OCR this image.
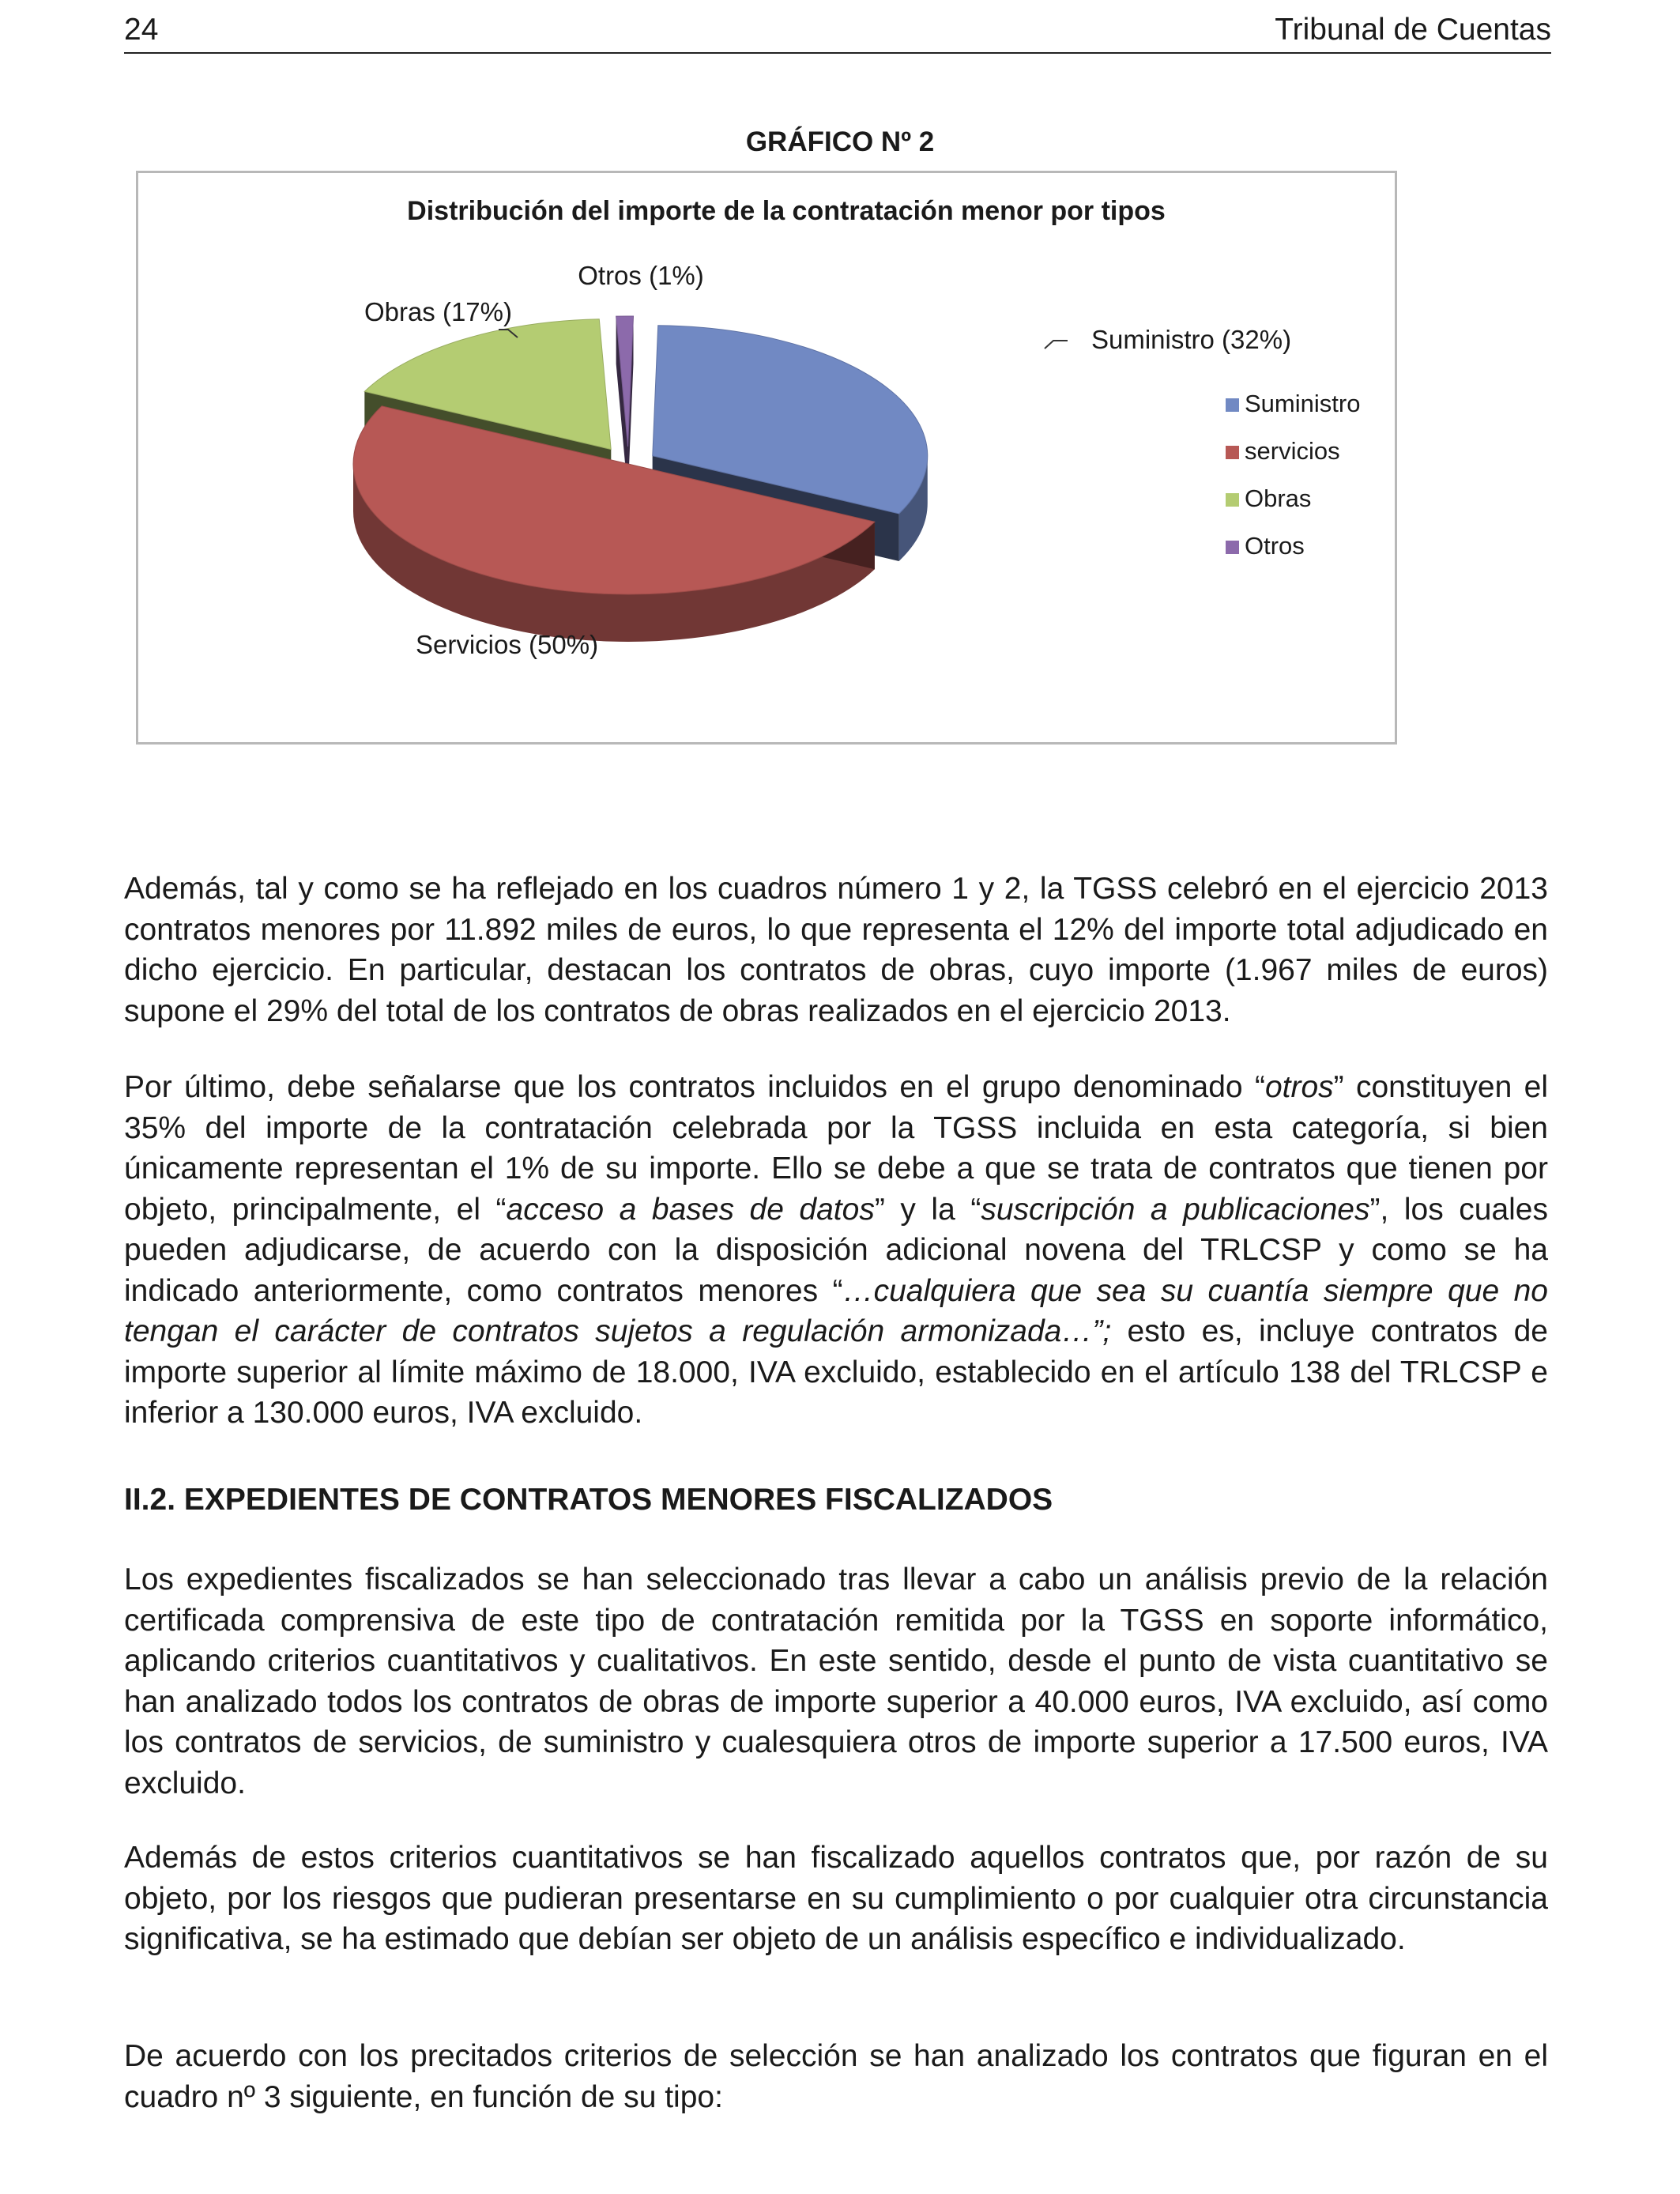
24	Tribunal de Cuentas
GRÁFICO Nº 2
Distribución del importe de la contratación menor por tipos
Suministro (32%)
Servicios (50%)
Obras (17%)
Otros (1%)
Suministro
servicios
Obras
Otros

Además, tal y como se ha reflejado en los cuadros número 1 y 2, la TGSS celebró en el ejercicio 2013 contratos menores por 11.892 miles de euros, lo que representa el 12% del importe total adjudicado en dicho ejercicio. En particular, destacan los contratos de obras, cuyo importe (1.967 miles de euros) supone el 29% del total de los contratos de obras realizados en el ejercicio 2013.

Por último, debe señalarse que los contratos incluidos en el grupo denominado “otros” constituyen el 35% del importe de la contratación celebrada por la TGSS incluida en esta categoría, si bien únicamente representan el 1% de su importe. Ello se debe a que se trata de contratos que tienen por objeto, principalmente, el “acceso a bases de datos” y la “suscripción a publicaciones”, los cuales pueden adjudicarse, de acuerdo con la disposición adicional novena del TRLCSP y como se ha indicado anteriormente, como contratos menores “…cualquiera que sea su cuantía siempre que no tengan el carácter de contratos sujetos a regulación armonizada…”; esto es, incluye contratos de importe superior al límite máximo de 18.000, IVA excluido, establecido en el artículo 138 del TRLCSP e inferior a 130.000 euros, IVA excluido.

II.2. EXPEDIENTES DE CONTRATOS MENORES FISCALIZADOS

Los expedientes fiscalizados se han seleccionado tras llevar a cabo un análisis previo de la relación certificada comprensiva de este tipo de contratación remitida por la TGSS en soporte informático, aplicando criterios cuantitativos y cualitativos. En este sentido, desde el punto de vista cuantitativo se han analizado todos los contratos de obras de importe superior a 40.000 euros, IVA excluido, así como los contratos de servicios, de suministro y cualesquiera otros de importe superior a 17.500 euros, IVA excluido.

Además de estos criterios cuantitativos se han fiscalizado aquellos contratos que, por razón de su objeto, por los riesgos que pudieran presentarse en su cumplimiento o por cualquier otra circunstancia significativa, se ha estimado que debían ser objeto de un análisis específico e individualizado.

De acuerdo con los precitados criterios de selección se han analizado los contratos que figuran en el cuadro nº 3 siguiente, en función de su tipo:
